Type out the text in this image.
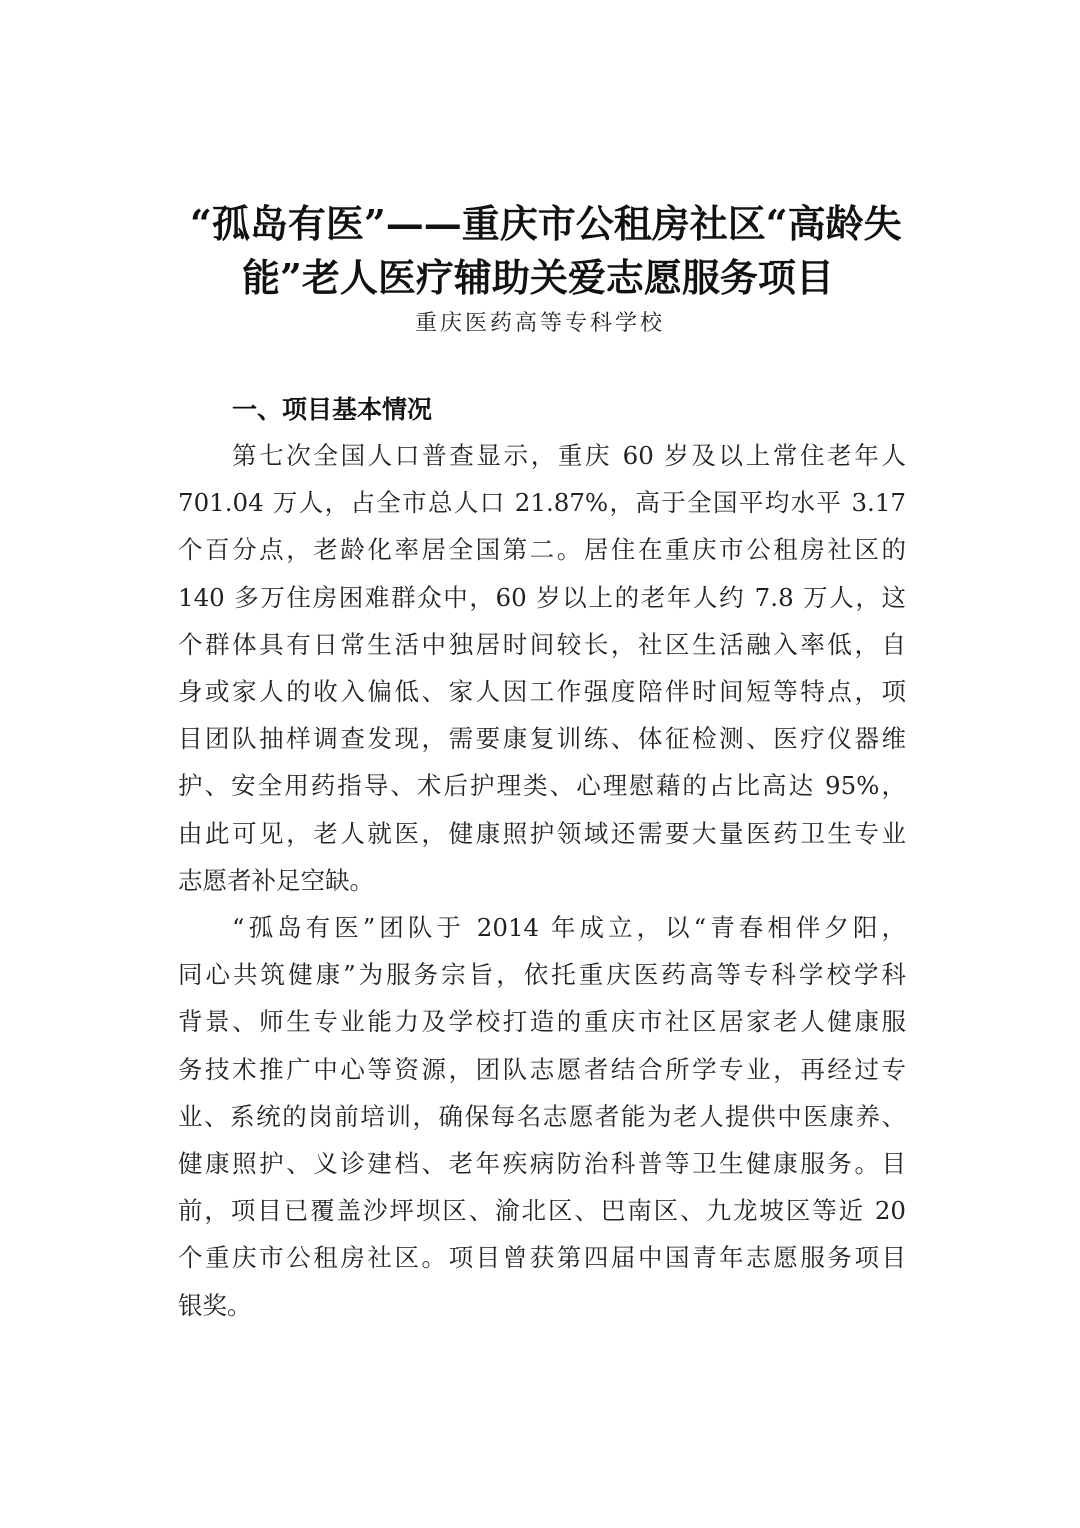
“孤岛有医”——重庆市公租房社区“高龄失
能”老人医疗辅助关爱志愿服务项目
重庆医药高等专科学校
一、项目基本情况
第七次全国人口普查显示，重庆 60 岁及以上常住老年人
701.04 万人，占全市总人口 21.87%，高于全国平均水平 3.17
个百分点，老龄化率居全国第二。居住在重庆市公租房社区的
140 多万住房困难群众中，60 岁以上的老年人约 7.8 万人，这
个群体具有日常生活中独居时间较长，社区生活融入率低，自
身或家人的收入偏低、家人因工作强度陪伴时间短等特点，项
目团队抽样调查发现，需要康复训练、体征检测、医疗仪器维
护、安全用药指导、术后护理类、心理慰藉的占比高达 95%，
由此可见，老人就医，健康照护领域还需要大量医药卫生专业
志愿者补足空缺。
“孤岛有医”团队于 2014 年成立，以“青春相伴夕阳，
同心共筑健康”为服务宗旨，依托重庆医药高等专科学校学科
背景、师生专业能力及学校打造的重庆市社区居家老人健康服
务技术推广中心等资源，团队志愿者结合所学专业，再经过专
业、系统的岗前培训，确保每名志愿者能为老人提供中医康养、
健康照护、义诊建档、老年疾病防治科普等卫生健康服务。目
前，项目已覆盖沙坪坝区、渝北区、巴南区、九龙坡区等近 20
个重庆市公租房社区。项目曾获第四届中国青年志愿服务项目
银奖。
